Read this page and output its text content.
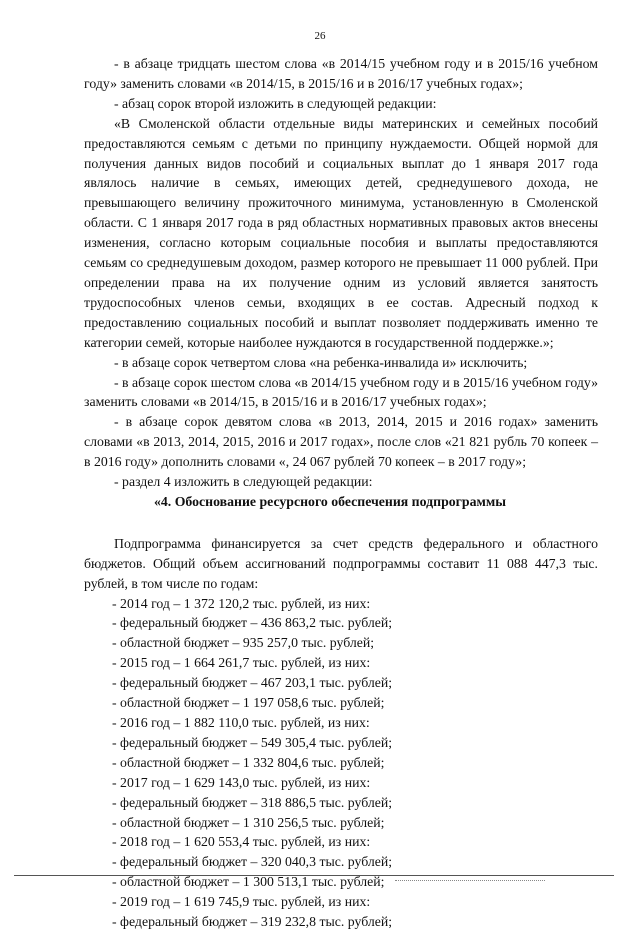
26

- в абзаце тридцать шестом слова «в 2014/15 учебном году и в 2015/16 учебном году» заменить словами «в 2014/15, в 2015/16 и в 2016/17 учебных годах»;

- абзац сорок второй изложить в следующей редакции:

«В Смоленской области отдельные виды материнских и семейных пособий предоставляются семьям с детьми по принципу нуждаемости. Общей нормой для получения данных видов пособий и социальных выплат до 1 января 2017 года являлось наличие в семьях, имеющих детей, среднедушевого дохода, не превышающего величину прожиточного минимума, установленную в Смоленской области. С 1 января 2017 года в ряд областных нормативных правовых актов внесены изменения, согласно которым социальные пособия и выплаты предоставляются семьям со среднедушевым доходом, размер которого не превышает 11 000 рублей. При определении права на их получение одним из условий является занятость трудоспособных членов семьи, входящих в ее состав. Адресный подход к предоставлению социальных пособий и выплат позволяет поддерживать именно те категории семей, которые наиболее нуждаются в государственной поддержке.»;

- в абзаце сорок четвертом слова «на ребенка-инвалида и» исключить;

- в абзаце сорок шестом слова «в 2014/15 учебном году и в 2015/16 учебном году» заменить словами «в 2014/15, в 2015/16 и в 2016/17 учебных годах»;

- в абзаце сорок девятом слова «в 2013, 2014, 2015 и 2016 годах» заменить словами «в 2013, 2014, 2015, 2016 и 2017 годах», после слов «21 821 рубль 70 копеек – в 2016 году» дополнить словами «, 24 067 рублей 70 копеек – в 2017 году»;

- раздел 4 изложить в следующей редакции:

«4. Обоснование ресурсного обеспечения подпрограммы

Подпрограмма финансируется за счет средств федерального и областного бюджетов. Общий объем ассигнований подпрограммы составит 11 088 447,3 тыс. рублей, в том числе по годам:

- 2014 год – 1 372 120,2 тыс. рублей, из них:

- федеральный бюджет – 436 863,2 тыс. рублей;

- областной бюджет – 935 257,0 тыс. рублей;

- 2015 год – 1 664 261,7 тыс. рублей, из них:

- федеральный бюджет – 467 203,1 тыс. рублей;

- областной бюджет – 1 197 058,6 тыс. рублей;

- 2016 год – 1 882 110,0 тыс. рублей, из них:

- федеральный бюджет – 549 305,4 тыс. рублей;

- областной бюджет – 1 332 804,6 тыс. рублей;

- 2017 год – 1 629 143,0 тыс. рублей, из них:

- федеральный бюджет – 318 886,5 тыс. рублей;

- областной бюджет – 1 310 256,5 тыс. рублей;

- 2018 год – 1 620 553,4 тыс. рублей, из них:

- федеральный бюджет – 320 040,3 тыс. рублей;

- областной бюджет – 1 300 513,1 тыс. рублей;

- 2019 год – 1 619 745,9 тыс. рублей, из них:

- федеральный бюджет – 319 232,8 тыс. рублей;
